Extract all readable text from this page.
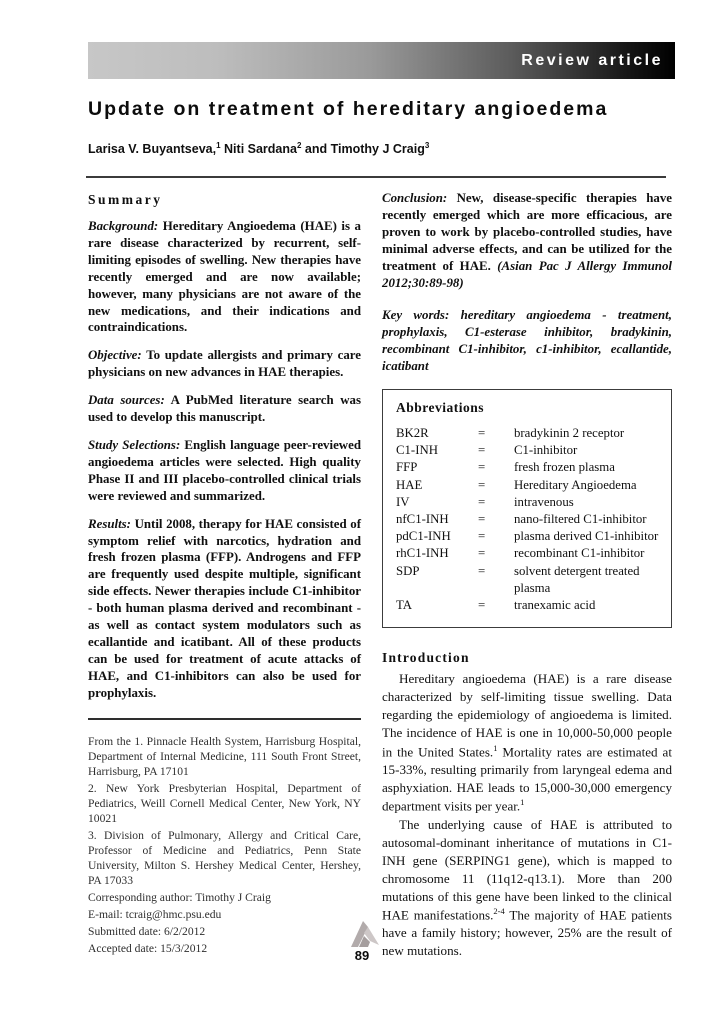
Review article
Update on treatment of hereditary angioedema
Larisa V. Buyantseva,$^1$ Niti Sardana$^2$ and Timothy J Craig$^3$
Summary

Background: Hereditary Angioedema (HAE) is a rare disease characterized by recurrent, self-limiting episodes of swelling. New therapies have recently emerged and are now available; however, many physicians are not aware of the new medications, and their indications and contraindications.

Objective: To update allergists and primary care physicians on new advances in HAE therapies.

Data sources: A PubMed literature search was used to develop this manuscript.

Study Selections: English language peer-reviewed angioedema articles were selected. High quality Phase II and III placebo-controlled clinical trials were reviewed and summarized.

Results: Until 2008, therapy for HAE consisted of symptom relief with narcotics, hydration and fresh frozen plasma (FFP). Androgens and FFP are frequently used despite multiple, significant side effects. Newer therapies include C1-inhibitor - both human plasma derived and recombinant - as well as contact system modulators such as ecallantide and icatibant. All of these products can be used for treatment of acute attacks of HAE, and C1-inhibitors can also be used for prophylaxis.

From the 1. Pinnacle Health System, Harrisburg Hospital, Department of Internal Medicine, 111 South Front Street, Harrisburg, PA 17101

2. New York Presbyterian Hospital, Department of Pediatrics, Weill Cornell Medical Center, New York, NY 10021

3. Division of Pulmonary, Allergy and Critical Care, Professor of Medicine and Pediatrics, Penn State University, Milton S. Hershey Medical Center, Hershey, PA 17033

Corresponding author: Timothy J Craig

E-mail: tcraig@hmc.psu.edu

Submitted date: 6/2/2012

Accepted date: 15/3/2012

Conclusion: New, disease-specific therapies have recently emerged which are more efficacious, are proven to work by placebo-controlled studies, have minimal adverse effects, and can be utilized for the treatment of HAE. (Asian Pac J Allergy Immunol 2012;30:89-98)

Key words: hereditary angioedema - treatment, prophylaxis, C1-esterase inhibitor, bradykinin, recombinant C1-inhibitor, c1-inhibitor, ecallantide, icatibant

Abbreviations
BK2R	=	bradykinin 2 receptor
C1-INH	=	C1-inhibitor
FFP	=	fresh frozen plasma
HAE	=	Hereditary Angioedema
IV	=	intravenous
nfC1-INH	=	nano-filtered C1-inhibitor
pdC1-INH	=	plasma derived C1-inhibitor
rhC1-INH	=	recombinant C1-inhibitor
SDP	=	solvent detergent treated plasma
TA	=	tranexamic acid
Introduction

Hereditary angioedema (HAE) is a rare disease characterized by self-limiting tissue swelling. Data regarding the epidemiology of angioedema is limited. The incidence of HAE is one in 10,000-50,000 people in the United States.$^1$ Mortality rates are estimated at 15-33%, resulting primarily from laryngeal edema and asphyxiation. HAE leads to 15,000-30,000 emergency department visits per year.$^1$

The underlying cause of HAE is attributed to autosomal-dominant inheritance of mutations in C1-INH gene (SERPING1 gene), which is mapped to chromosome 11 (11q12-q13.1). More than 200 mutations of this gene have been linked to the clinical HAE manifestations.$^{2-4}$ The majority of HAE patients have a family history; however, 25% are the result of new mutations.

89
